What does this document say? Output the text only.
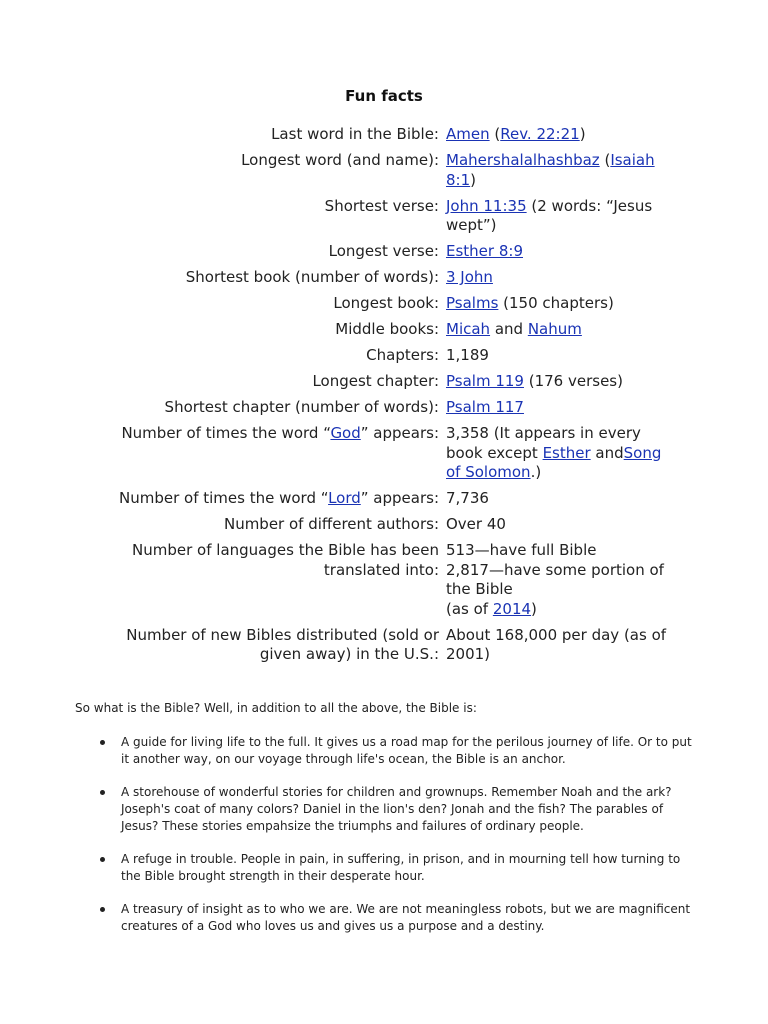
Fun facts
Last word in the Bible:	Amen (Rev. 22:21)
Longest word (and name):	Mahershalalhashbaz (Isaiah 8:1)
Shortest verse:	John 11:35 (2 words: “Jesus wept”)
Longest verse:	Esther 8:9
Shortest book (number of words):	3 John
Longest book:	Psalms (150 chapters)
Middle books:	Micah and Nahum
Chapters:	1,189
Longest chapter:	Psalm 119 (176 verses)
Shortest chapter (number of words):	Psalm 117
Number of times the word “God” appears:	3,358 (It appears in every book except Esther andSong of Solomon.)
Number of times the word “Lord” appears:	7,736
Number of different authors:	Over 40
Number of languages the Bible has been translated into:	513—have full Bible
2,817—have some portion of the Bible
(as of 2014)
Number of new Bibles distributed (sold or given away) in the U.S.:	About 168,000 per day (as of 2001)
So what is the Bible? Well, in addition to all the above, the Bible is:
A guide for living life to the full. It gives us a road map for the perilous journey of life. Or to put it another way, on our voyage through life's ocean, the Bible is an anchor.
A storehouse of wonderful stories for children and grownups. Remember Noah and the ark? Joseph's coat of many colors? Daniel in the lion's den? Jonah and the fish? The parables of Jesus? These stories empahsize the triumphs and failures of ordinary people.
A refuge in trouble. People in pain, in suffering, in prison, and in mourning tell how turning to the Bible brought strength in their desperate hour.
A treasury of insight as to who we are. We are not meaningless robots, but we are magnificent creatures of a God who loves us and gives us a purpose and a destiny.
